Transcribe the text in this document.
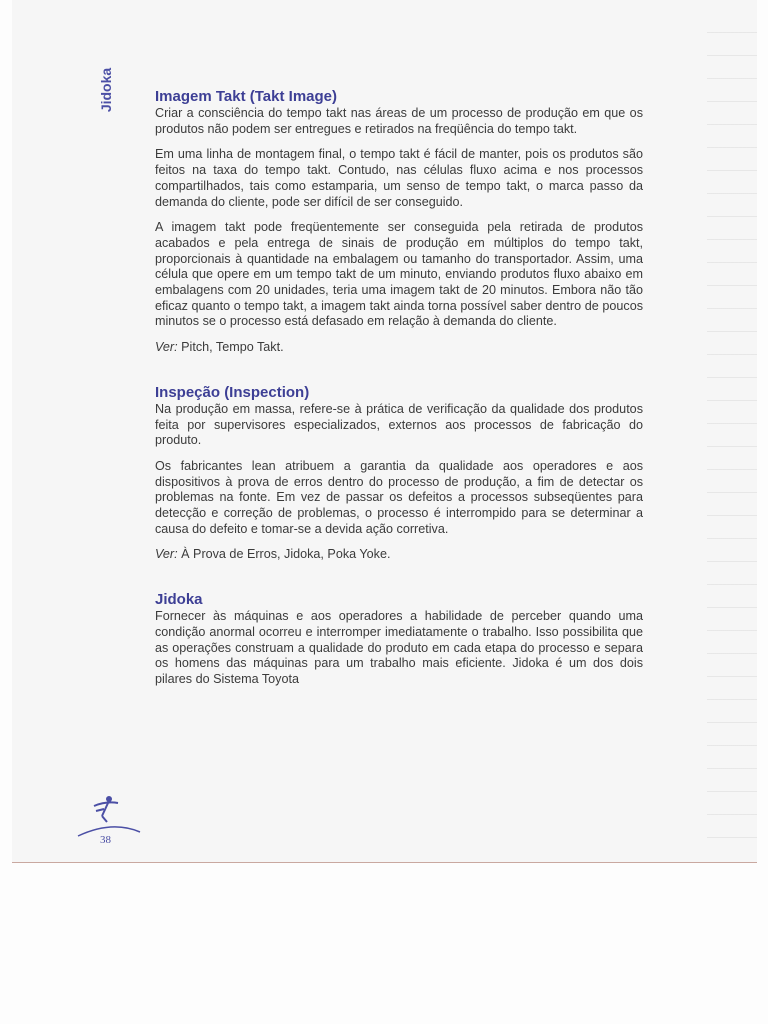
Jidoka	Imagem Takt (Takt Image)

Criar a consciência do tempo takt nas áreas de um processo de produção em que os produtos não podem ser entregues e retirados na freqüência do tempo takt.

Em uma linha de montagem final, o tempo takt é fácil de manter, pois os produtos são feitos na taxa do tempo takt. Contudo, nas células fluxo acima e nos processos compartilhados, tais como estamparia, um senso de tempo takt, o marca passo da demanda do cliente, pode ser difícil de ser conseguido.

A imagem takt pode freqüentemente ser conseguida pela retirada de produtos acabados e pela entrega de sinais de produção em múltiplos do tempo takt, proporcionais à quantidade na embalagem ou tamanho do transportador. Assim, uma célula que opere em um tempo takt de um minuto, enviando produtos fluxo abaixo em embalagens com 20 unidades, teria uma imagem takt de 20 minutos. Embora não tão eficaz quanto o tempo takt, a imagem takt ainda torna possível saber dentro de poucos minutos se o processo está defasado em relação à demanda do cliente.

Ver: Pitch, Tempo Takt.

Inspeção (Inspection)

Na produção em massa, refere-se à prática de verificação da qualidade dos produtos feita por supervisores especializados, externos aos processos de fabricação do produto.

Os fabricantes lean atribuem a garantia da qualidade aos operadores e aos dispositivos à prova de erros dentro do processo de produção, a fim de detectar os problemas na fonte. Em vez de passar os defeitos a processos subseqüentes para detecção e correção de problemas, o processo é interrompido para se determinar a causa do defeito e tomar-se a devida ação corretiva.

Ver: À Prova de Erros, Jidoka, Poka Yoke.

Jidoka

Fornecer às máquinas e aos operadores a habilidade de perceber quando uma condição anormal ocorreu e interromper imediatamente o trabalho. Isso possibilita que as operações construam a qualidade do produto em cada etapa do processo e separa os homens das máquinas para um trabalho mais eficiente. Jidoka é um dos dois pilares do Sistema Toyota

38
